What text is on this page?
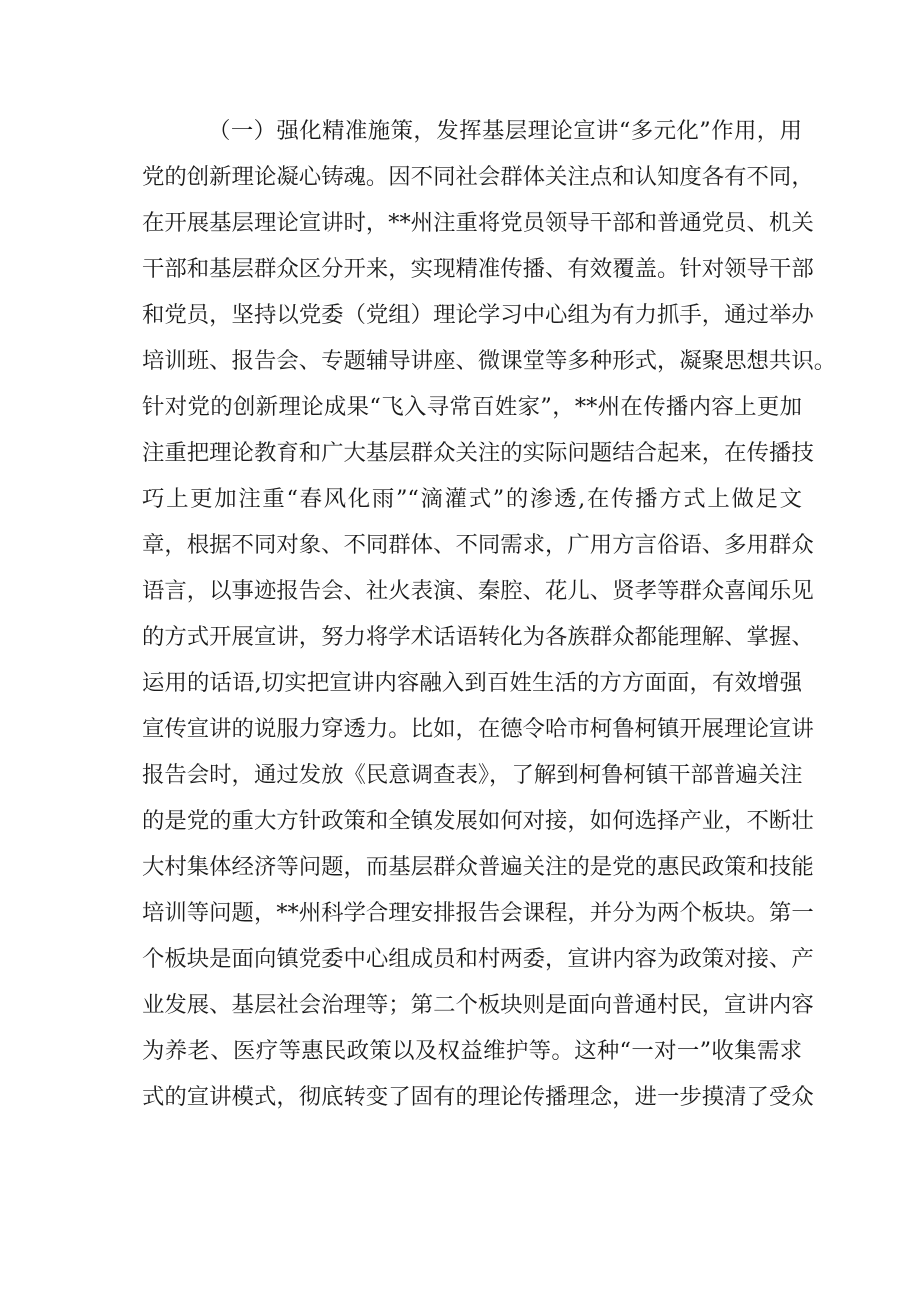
（一）强化精准施策，发挥基层理论宣讲“多元化”作用，用
党的创新理论凝心铸魂。因不同社会群体关注点和认知度各有不同，
在开展基层理论宣讲时，**州注重将党员领导干部和普通党员、机关
干部和基层群众区分开来，实现精准传播、有效覆盖。针对领导干部
和党员，坚持以党委（党组）理论学习中心组为有力抓手，通过举办
培训班、报告会、专题辅导讲座、微课堂等多种形式，凝聚思想共识。
针对党的创新理论成果“飞入寻常百姓家”，**州在传播内容上更加
注重把理论教育和广大基层群众关注的实际问题结合起来，在传播技
巧上更加注重“春风化雨”“滴灌式”的渗透,在传播方式上做足文
章，根据不同对象、不同群体、不同需求，广用方言俗语、多用群众
语言，以事迹报告会、社火表演、秦腔、花儿、贤孝等群众喜闻乐见
的方式开展宣讲，努力将学术话语转化为各族群众都能理解、掌握、
运用的话语,切实把宣讲内容融入到百姓生活的方方面面，有效增强
宣传宣讲的说服力穿透力。比如，在德令哈市柯鲁柯镇开展理论宣讲
报告会时，通过发放《民意调查表》，了解到柯鲁柯镇干部普遍关注
的是党的重大方针政策和全镇发展如何对接，如何选择产业，不断壮
大村集体经济等问题，而基层群众普遍关注的是党的惠民政策和技能
培训等问题，**州科学合理安排报告会课程，并分为两个板块。第一
个板块是面向镇党委中心组成员和村两委，宣讲内容为政策对接、产
业发展、基层社会治理等；第二个板块则是面向普通村民，宣讲内容
为养老、医疗等惠民政策以及权益维护等。这种“一对一”收集需求
式的宣讲模式，彻底转变了固有的理论传播理念，进一步摸清了受众
